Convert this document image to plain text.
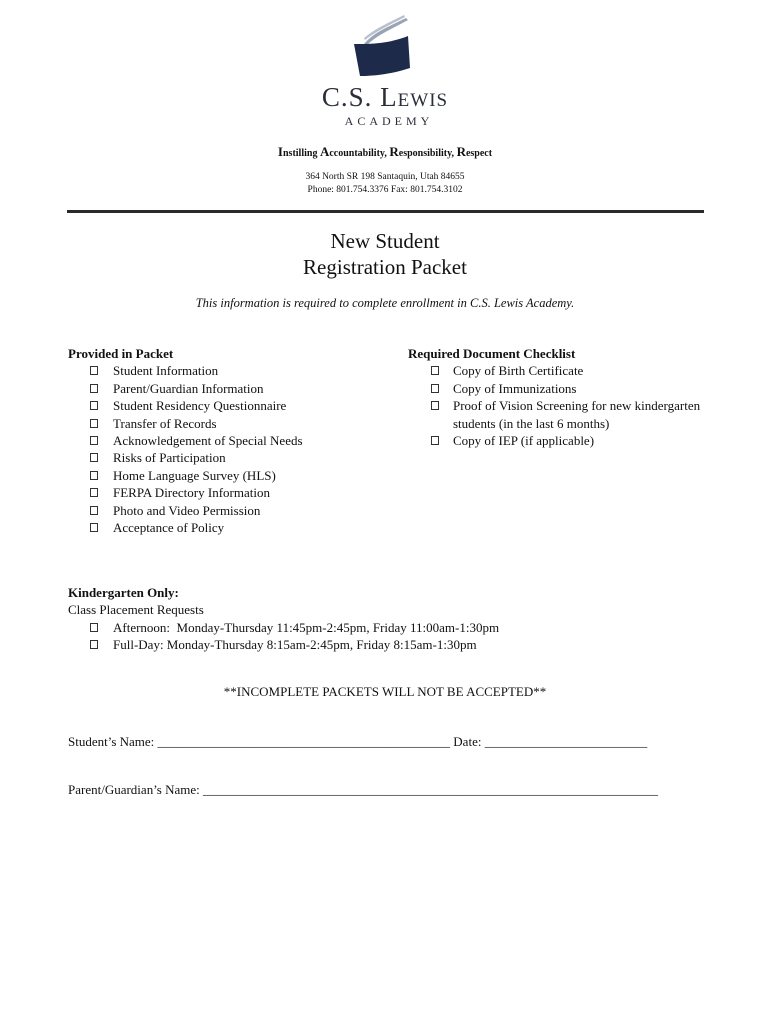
C.S. Lewis
ACADEMY
Instilling Accountability, Responsibility, Respect
364 North SR 198 Santaquin, Utah 84655
Phone: 801.754.3376 Fax: 801.754.3102
New Student
Registration Packet
This information is required to complete enrollment in C.S. Lewis Academy.
Provided in Packet
Student Information
Parent/Guardian Information
Student Residency Questionnaire
Transfer of Records
Acknowledgement of Special Needs
Risks of Participation
Home Language Survey (HLS)
FERPA Directory Information
Photo and Video Permission
Acceptance of Policy
Required Document Checklist
Copy of Birth Certificate
Copy of Immunizations
Proof of Vision Screening for new kindergarten students (in the last 6 months)
Copy of IEP (if applicable)
Kindergarten Only:
Class Placement Requests
Afternoon:  Monday-Thursday 11:45pm-2:45pm, Friday 11:00am-1:30pm
Full-Day: Monday-Thursday 8:15am-2:45pm, Friday 8:15am-1:30pm
**INCOMPLETE PACKETS WILL NOT BE ACCEPTED**
Student’s Name: _____________________________________________ Date: _________________________
Parent/Guardian’s Name: ______________________________________________________________________
